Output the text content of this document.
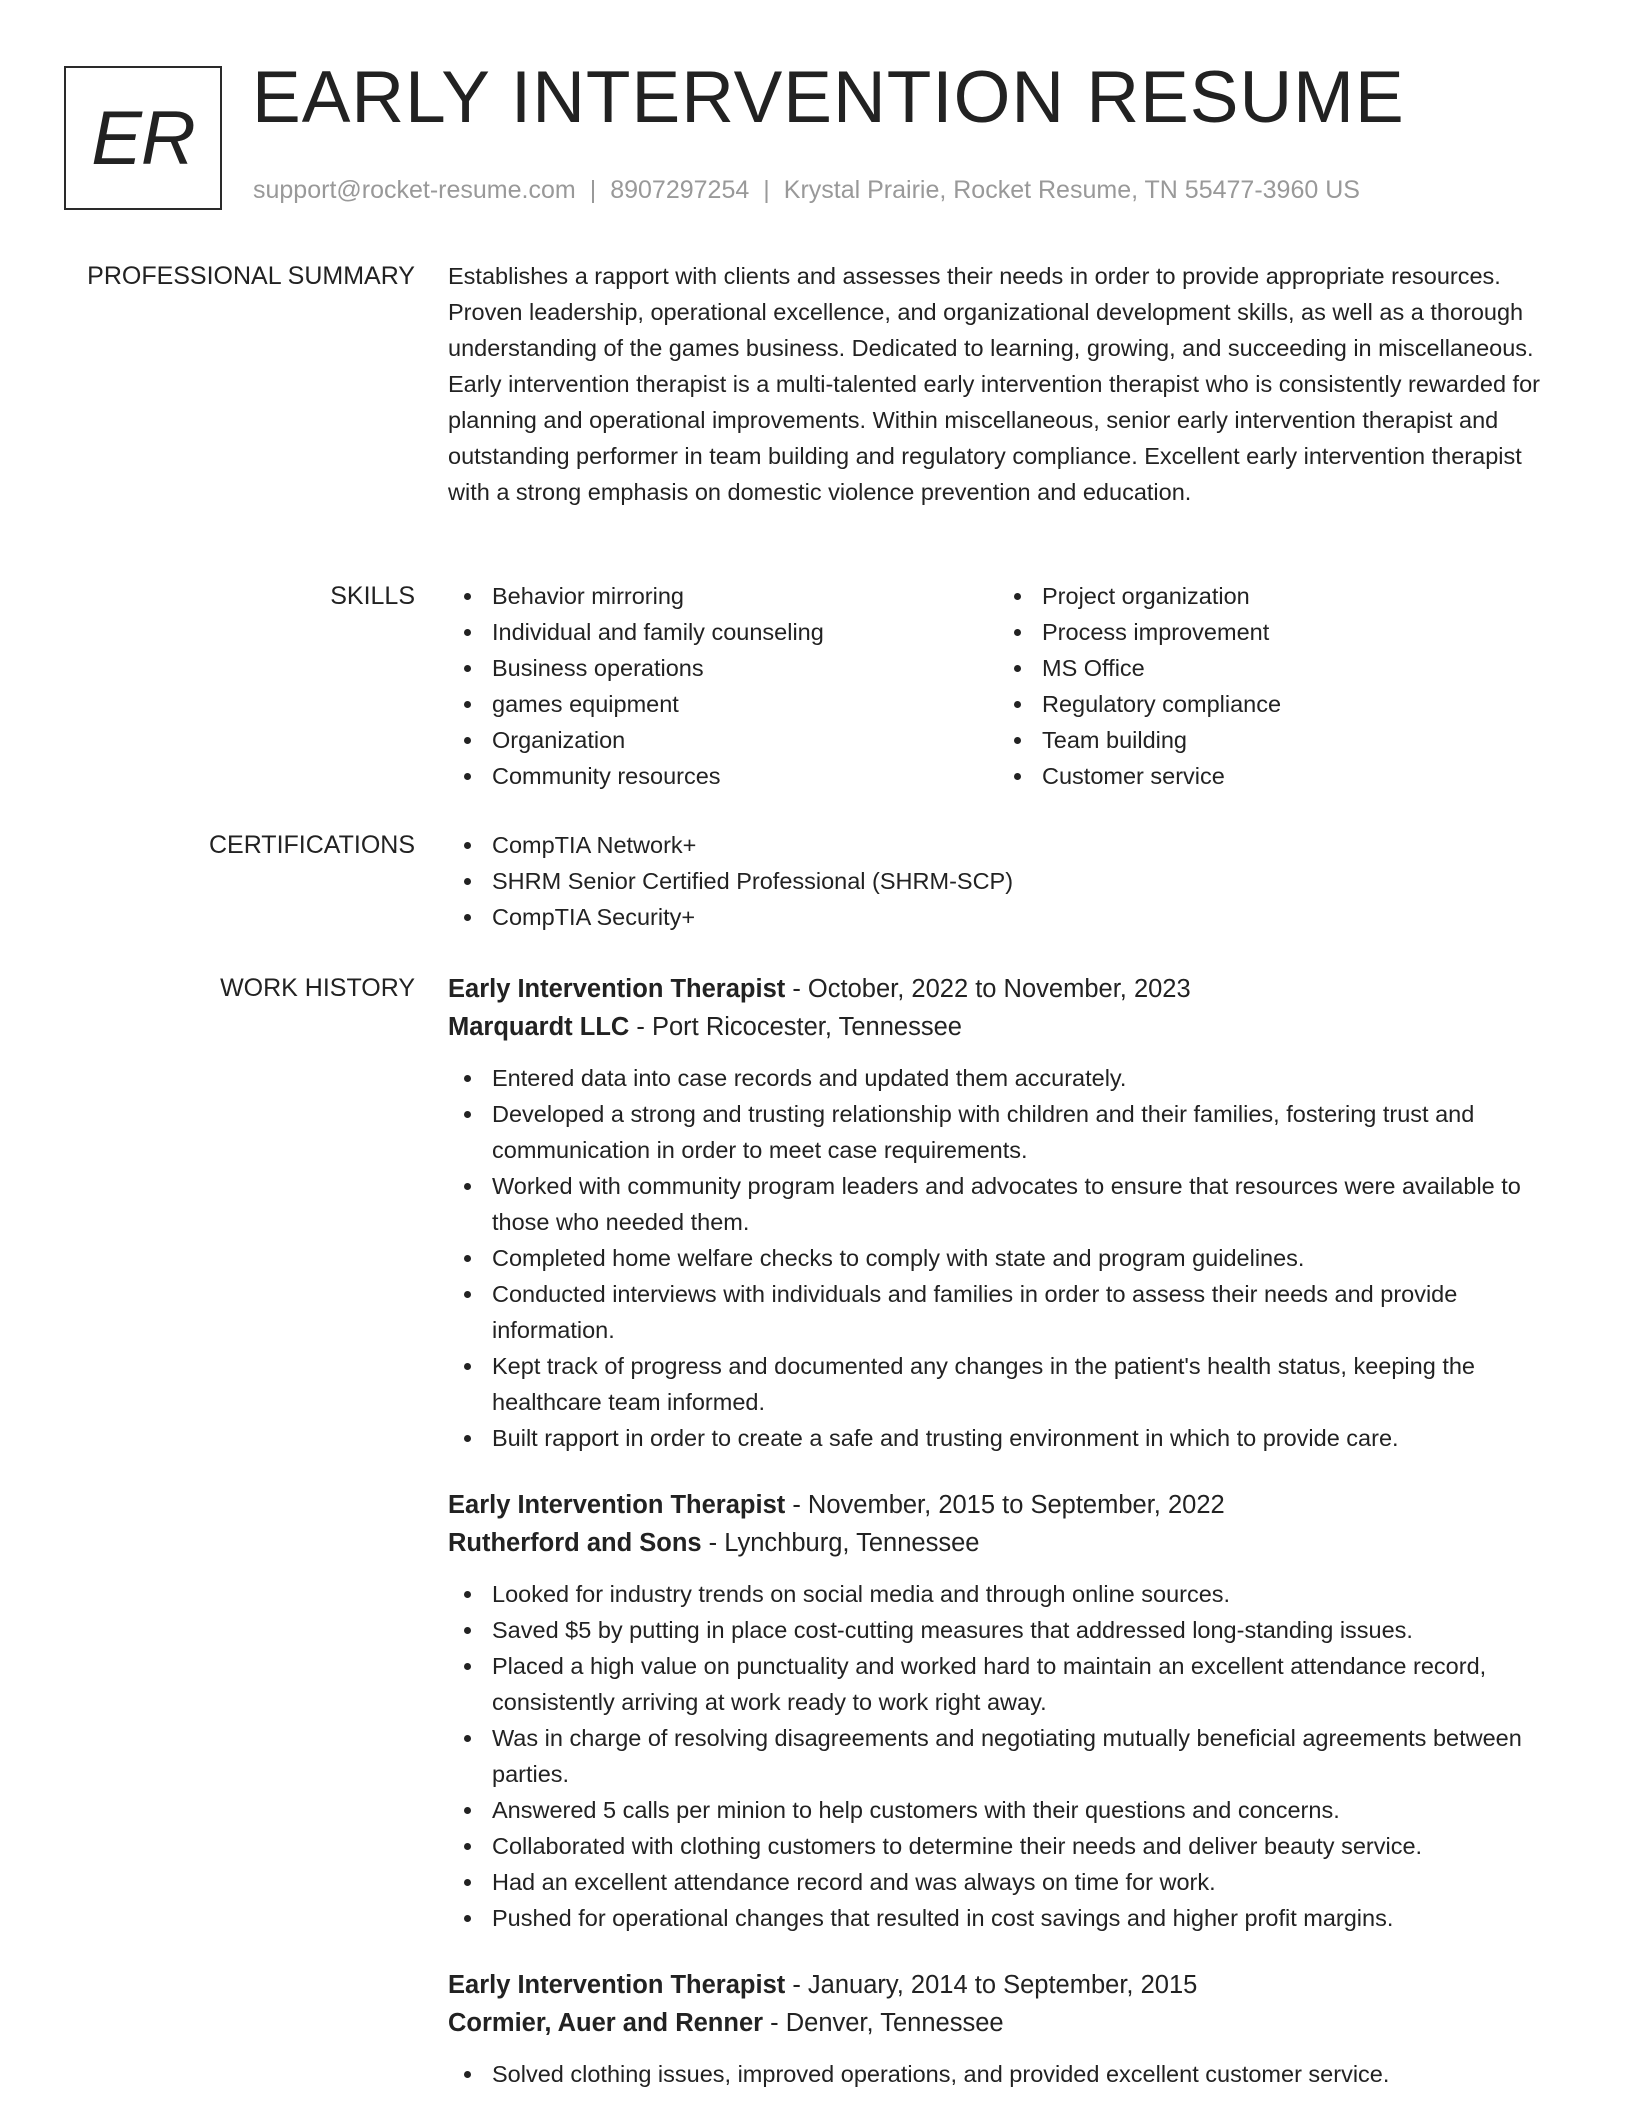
ER EARLY INTERVENTION RESUME
support@rocket-resume.com | 8907297254 | Krystal Prairie, Rocket Resume, TN 55477-3960 US
PROFESSIONAL SUMMARY Establishes a rapport with clients and assesses their needs in order to provide appropriate resources. Proven leadership, operational excellence, and organizational development skills, as well as a thorough understanding of the games business. Dedicated to learning, growing, and succeeding in miscellaneous. Early intervention therapist is a multi-talented early intervention therapist who is consistently rewarded for planning and operational improvements. Within miscellaneous, senior early intervention therapist and outstanding performer in team building and regulatory compliance. Excellent early intervention therapist with a strong emphasis on domestic violence prevention and education.
SKILLS	Behavior mirroring
Individual and family counseling
Business operations
games equipment
Organization
Community resources
Project organization
Process improvement
MS Office
Regulatory compliance
Team building
Customer service
CERTIFICATIONS	CompTIA Network+
SHRM Senior Certified Professional (SHRM-SCP)
CompTIA Security+
WORK HISTORY Early Intervention Therapist - October, 2022 to November, 2023
Marquardt LLC - Port Ricocester, Tennessee
Entered data into case records and updated them accurately.
Developed a strong and trusting relationship with children and their families, fostering trust and communication in order to meet case requirements.
Worked with community program leaders and advocates to ensure that resources were available to those who needed them.
Completed home welfare checks to comply with state and program guidelines.
Conducted interviews with individuals and families in order to assess their needs and provide information.
Kept track of progress and documented any changes in the patient's health status, keeping the healthcare team informed.
Built rapport in order to create a safe and trusting environment in which to provide care.
Early Intervention Therapist - November, 2015 to September, 2022
Rutherford and Sons - Lynchburg, Tennessee
Looked for industry trends on social media and through online sources.
Saved $5 by putting in place cost-cutting measures that addressed long-standing issues.
Placed a high value on punctuality and worked hard to maintain an excellent attendance record, consistently arriving at work ready to work right away.
Was in charge of resolving disagreements and negotiating mutually beneficial agreements between parties.
Answered 5 calls per minion to help customers with their questions and concerns.
Collaborated with clothing customers to determine their needs and deliver beauty service.
Had an excellent attendance record and was always on time for work.
Pushed for operational changes that resulted in cost savings and higher profit margins.
Early Intervention Therapist - January, 2014 to September, 2015
Cormier, Auer and Renner - Denver, Tennessee
Solved clothing issues, improved operations, and provided excellent customer service.
